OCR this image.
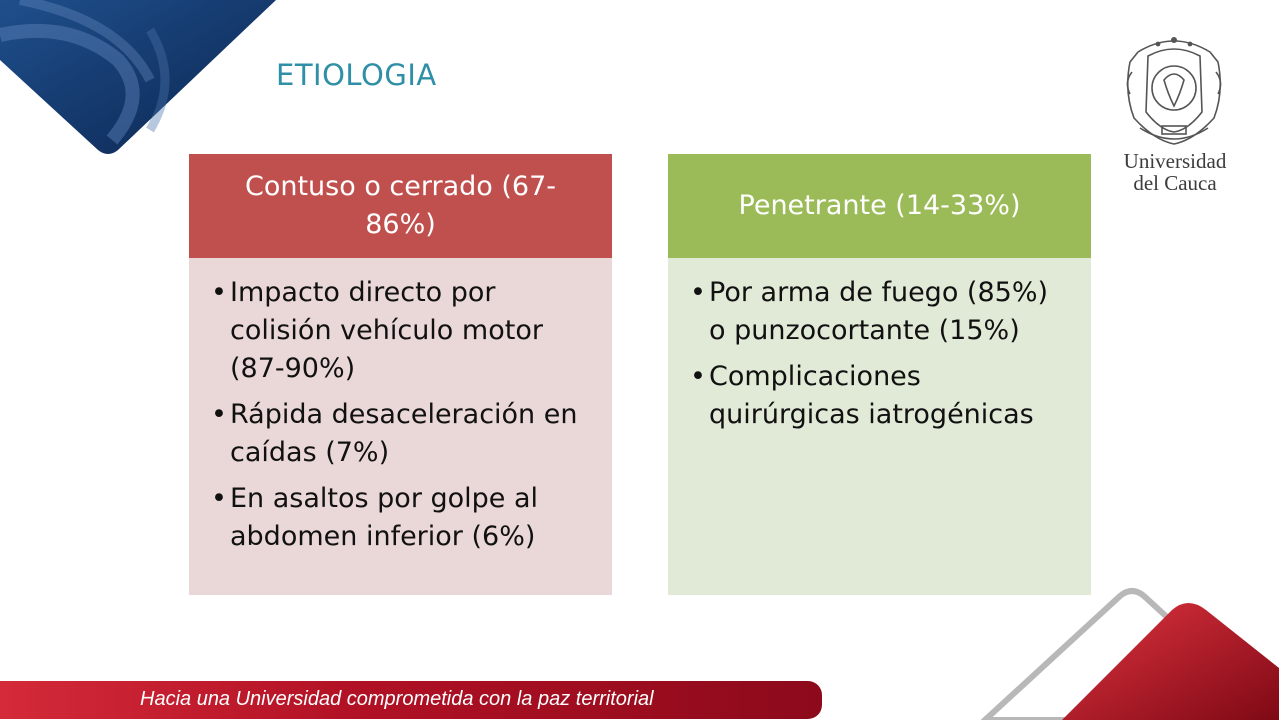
ETIOLOGIA
Contuso o cerrado (67-86%)
• Impacto directo por colisión vehículo motor (87-90%)
• Rápida desaceleración en caídas (7%)
• En asaltos por golpe al abdomen inferior (6%)
Penetrante (14-33%)
• Por arma de fuego (85%) o punzocortante (15%)
• Complicaciones quirúrgicas iatrogénicas
Universidad
del Cauca
Hacia una Universidad comprometida con la paz territorial
